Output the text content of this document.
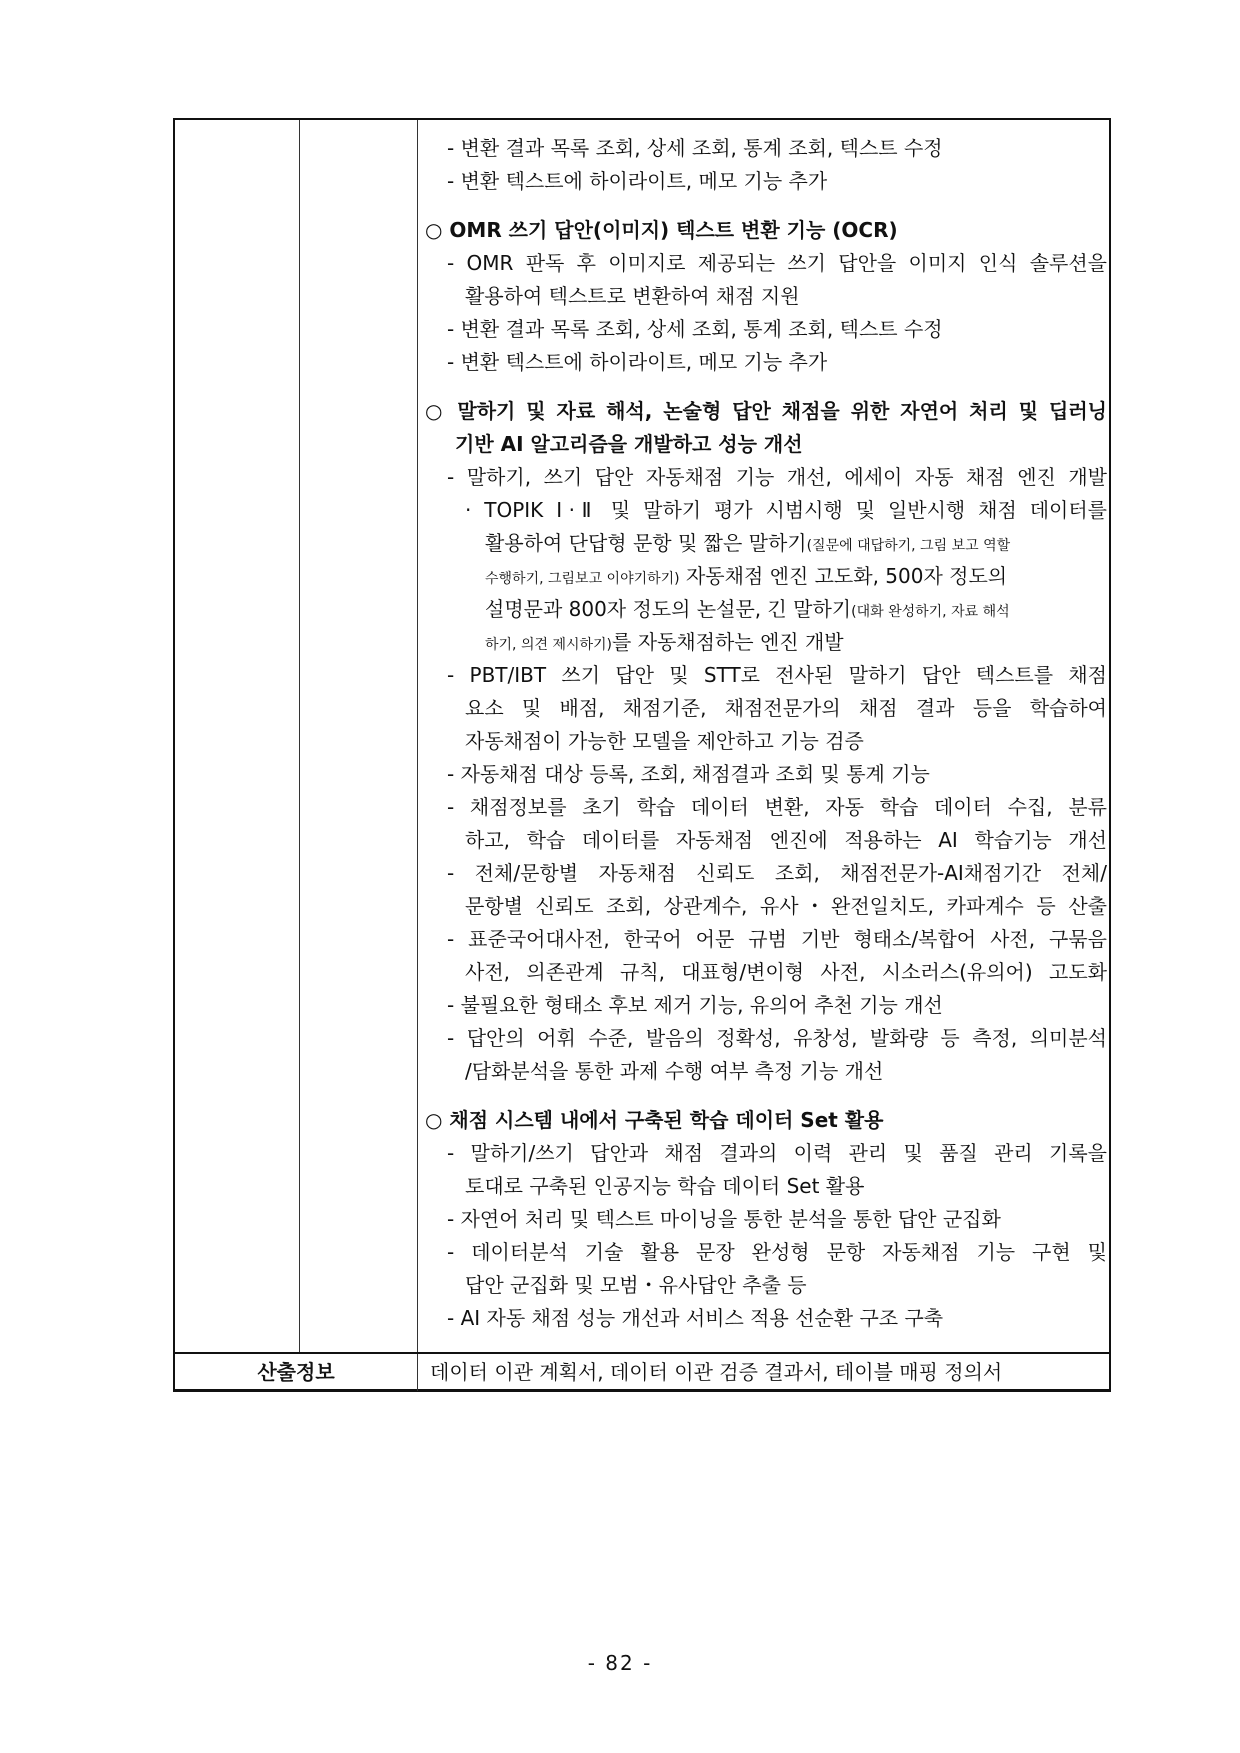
- 변환 결과 목록 조회, 상세 조회, 통계 조회, 텍스트 수정
- 변환 텍스트에 하이라이트, 메모 기능 추가
○ OMR 쓰기 답안(이미지) 텍스트 변환 기능 (OCR)
- OMR 판독 후 이미지로 제공되는 쓰기 답안을 이미지 인식 솔루션을
활용하여 텍스트로 변환하여 채점 지원
- 변환 결과 목록 조회, 상세 조회, 통계 조회, 텍스트 수정
- 변환 텍스트에 하이라이트, 메모 기능 추가
○ 말하기 및 자료 해석, 논술형 답안 채점을 위한 자연어 처리 및 딥러닝
기반 AI 알고리즘을 개발하고 성능 개선
- 말하기, 쓰기 답안 자동채점 기능 개선, 에세이 자동 채점 엔진 개발
· TOPIK Ⅰ·Ⅱ 및 말하기 평가 시범시행 및 일반시행 채점 데이터를
활용하여 단답형 문항 및 짧은 말하기(질문에 대답하기, 그림 보고 역할
수행하기, 그림보고 이야기하기) 자동채점 엔진 고도화, 500자 정도의
설명문과 800자 정도의 논설문, 긴 말하기(대화 완성하기, 자료 해석
하기, 의견 제시하기)를 자동채점하는 엔진 개발
- PBT/IBT 쓰기 답안 및 STT로 전사된 말하기 답안 텍스트를 채점
요소 및 배점, 채점기준, 채점전문가의 채점 결과 등을 학습하여
자동채점이 가능한 모델을 제안하고 기능 검증
- 자동채점 대상 등록, 조회, 채점결과 조회 및 통계 기능
- 채점정보를 초기 학습 데이터 변환, 자동 학습 데이터 수집, 분류
하고, 학습 데이터를 자동채점 엔진에 적용하는 AI 학습기능 개선
- 전체/문항별 자동채점 신뢰도 조회, 채점전문가-AI채점기간 전체/
문항별 신뢰도 조회, 상관계수, 유사・완전일치도, 카파계수 등 산출
- 표준국어대사전, 한국어 어문 규범 기반 형태소/복합어 사전, 구묶음
사전, 의존관계 규칙, 대표형/변이형 사전, 시소러스(유의어) 고도화
- 불필요한 형태소 후보 제거 기능, 유의어 추천 기능 개선
- 답안의 어휘 수준, 발음의 정확성, 유창성, 발화량 등 측정, 의미분석
/담화분석을 통한 과제 수행 여부 측정 기능 개선
○ 채점 시스템 내에서 구축된 학습 데이터 Set 활용
- 말하기/쓰기 답안과 채점 결과의 이력 관리 및 품질 관리 기록을
토대로 구축된 인공지능 학습 데이터 Set 활용
- 자연어 처리 및 텍스트 마이닝을 통한 분석을 통한 답안 군집화
- 데이터분석 기술 활용 문장 완성형 문항 자동채점 기능 구현 및
답안 군집화 및 모범・유사답안 추출 등
- AI 자동 채점 성능 개선과 서비스 적용 선순환 구조 구축
산출정보	데이터 이관 계획서, 데이터 이관 검증 결과서, 테이블 매핑 정의서
- 82 -
